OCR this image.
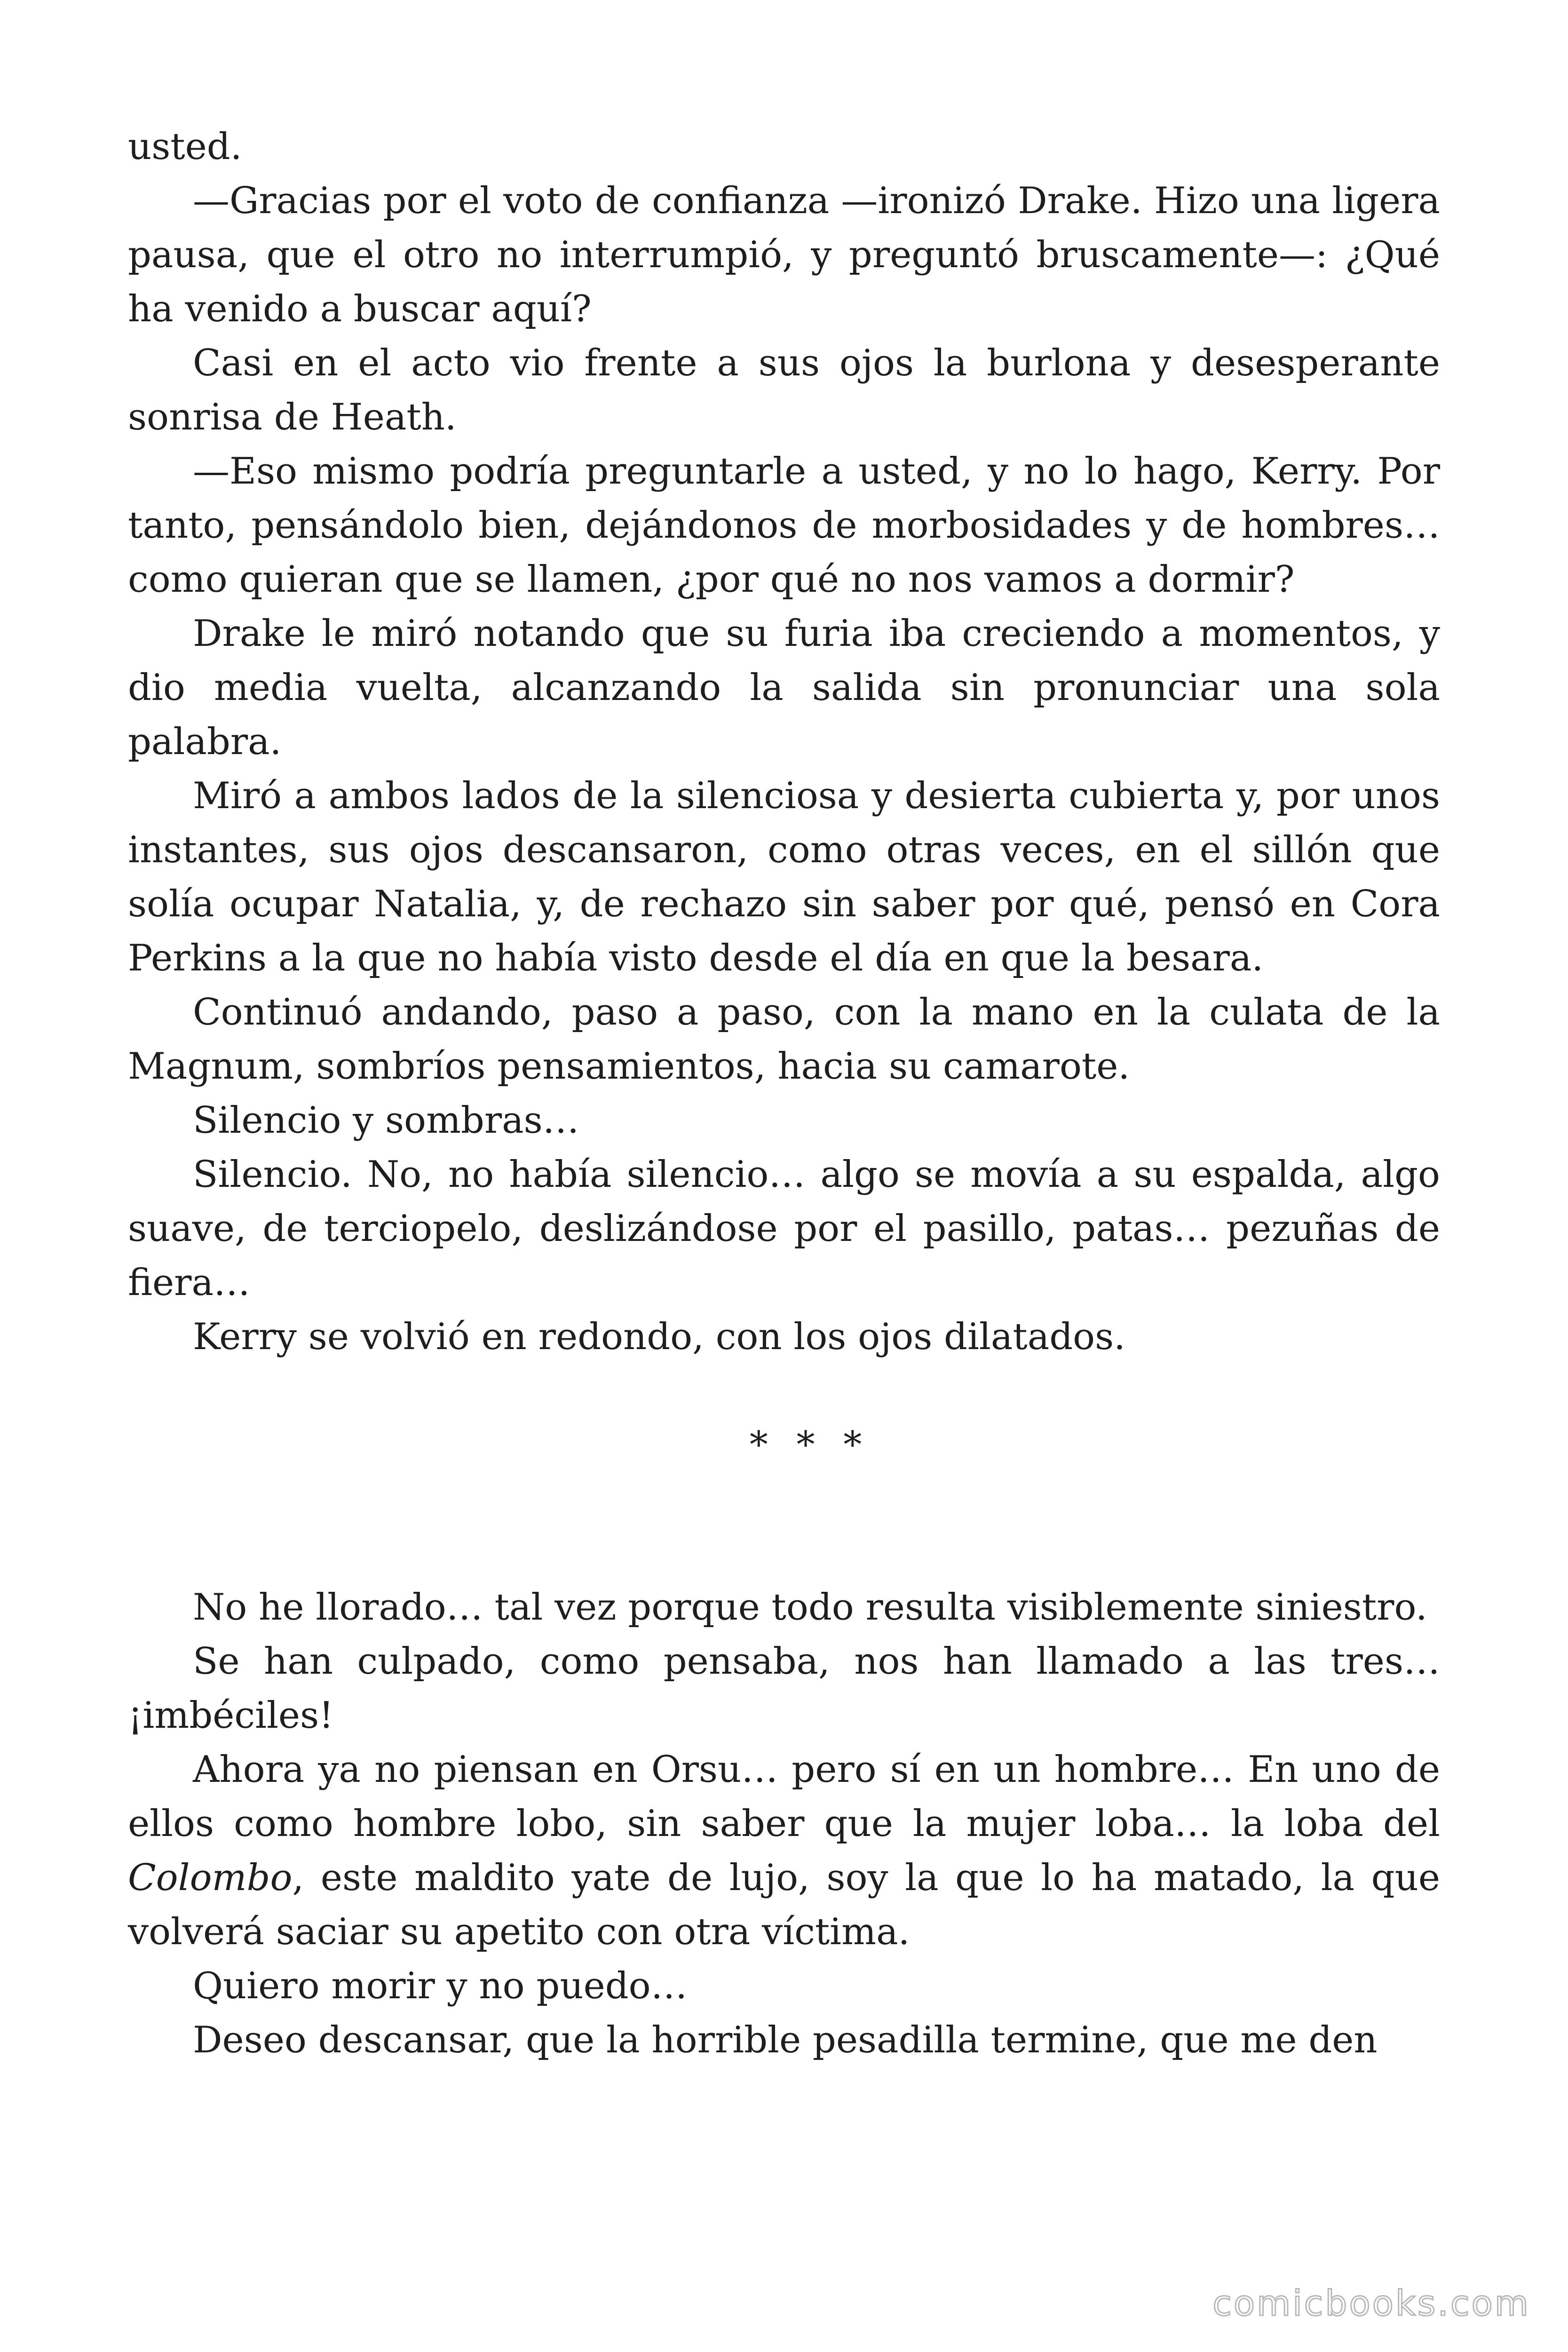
usted.

—Gracias por el voto de confianza —ironizó Drake. Hizo una ligera pausa, que el otro no interrumpió, y preguntó bruscamente—: ¿Qué ha venido a buscar aquí?

Casi en el acto vio frente a sus ojos la burlona y desesperante sonrisa de Heath.

—Eso mismo podría preguntarle a usted, y no lo hago, Kerry. Por tanto, pensándolo bien, dejándonos de morbosidades y de hombres… como quieran que se llamen, ¿por qué no nos vamos a dormir?

Drake le miró notando que su furia iba creciendo a momentos, y dio media vuelta, alcanzando la salida sin pronunciar una sola palabra.

Miró a ambos lados de la silenciosa y desierta cubierta y, por unos instantes, sus ojos descansaron, como otras veces, en el sillón que solía ocupar Natalia, y, de rechazo sin saber por qué, pensó en Cora Perkins a la que no había visto desde el día en que la besara.

Continuó andando, paso a paso, con la mano en la culata de la Magnum, sombríos pensamientos, hacia su camarote.

Silencio y sombras…

Silencio. No, no había silencio… algo se movía a su espalda, algo suave, de terciopelo, deslizándose por el pasillo, patas… pezuñas de fiera…

Kerry se volvió en redondo, con los ojos dilatados.

* * *

No he llorado… tal vez porque todo resulta visiblemente siniestro.

Se han culpado, como pensaba, nos han llamado a las tres… ¡imbéciles!

Ahora ya no piensan en Orsu… pero sí en un hombre… En uno de ellos como hombre lobo, sin saber que la mujer loba… la loba del Colombo, este maldito yate de lujo, soy la que lo ha matado, la que volverá saciar su apetito con otra víctima.

Quiero morir y no puedo…

Deseo descansar, que la horrible pesadilla termine, que me den

comicbooks.com
